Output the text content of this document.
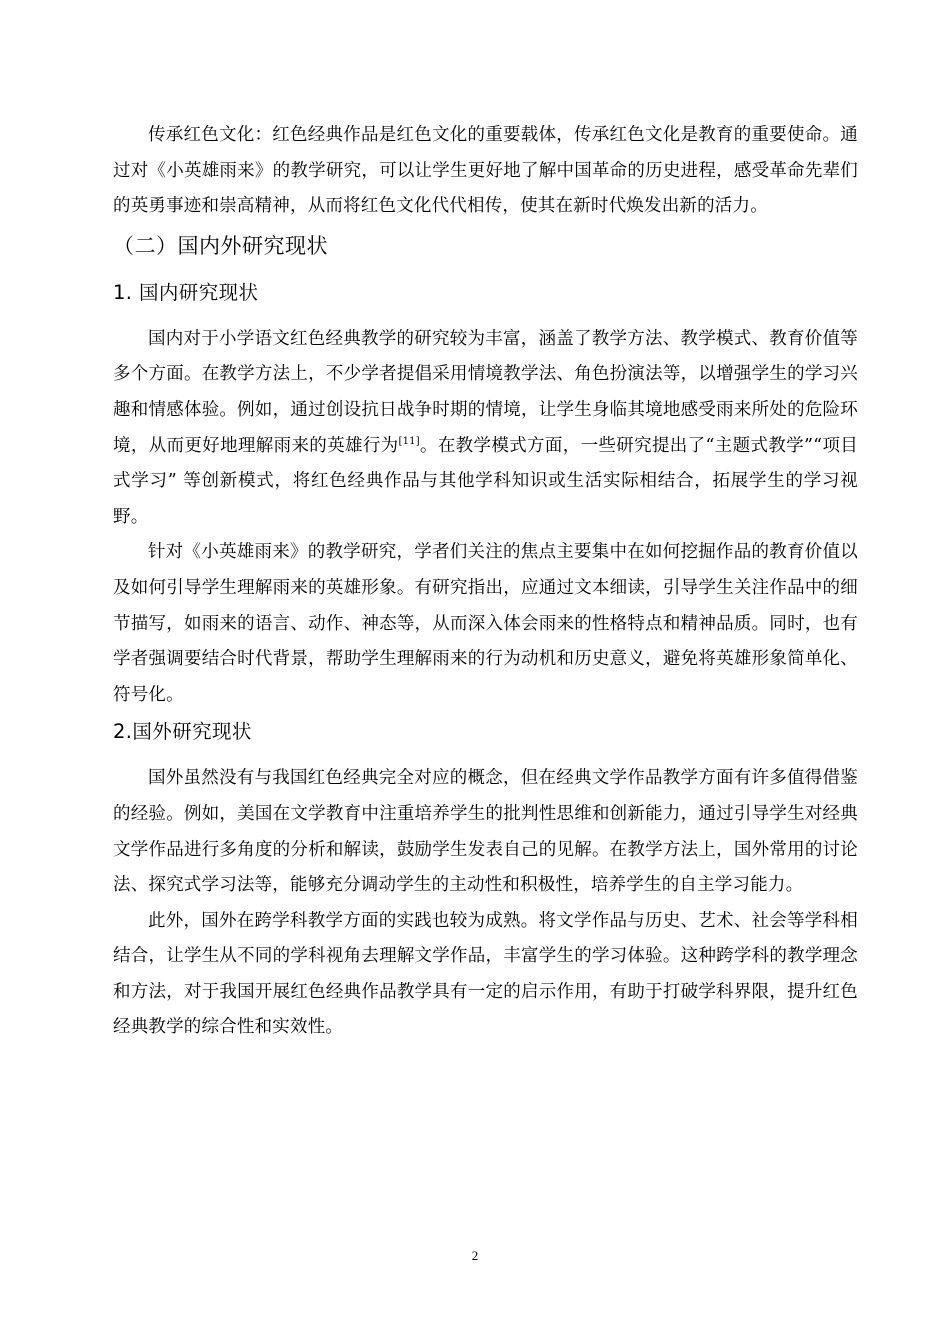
传承红色文化：红色经典作品是红色文化的重要载体，传承红色文化是教育的重要使命。通过对《小英雄雨来》的教学研究，可以让学生更好地了解中国革命的历史进程，感受革命先辈们的英勇事迹和崇高精神，从而将红色文化代代相传，使其在新时代焕发出新的活力。

（二）国内外研究现状
1. 国内研究现状

国内对于小学语文红色经典教学的研究较为丰富，涵盖了教学方法、教学模式、教育价值等多个方面。在教学方法上，不少学者提倡采用情境教学法、角色扮演法等，以增强学生的学习兴趣和情感体验。例如，通过创设抗日战争时期的情境，让学生身临其境地感受雨来所处的危险环境，从而更好地理解雨来的英雄行为[11]。在教学模式方面，一些研究提出了“主题式教学”“项目式学习” 等创新模式，将红色经典作品与其他学科知识或生活实际相结合，拓展学生的学习视野。

针对《小英雄雨来》的教学研究，学者们关注的焦点主要集中在如何挖掘作品的教育价值以及如何引导学生理解雨来的英雄形象。有研究指出，应通过文本细读，引导学生关注作品中的细节描写，如雨来的语言、动作、神态等，从而深入体会雨来的性格特点和精神品质。同时，也有学者强调要结合时代背景，帮助学生理解雨来的行为动机和历史意义，避免将英雄形象简单化、符号化。

2.国外研究现状

国外虽然没有与我国红色经典完全对应的概念，但在经典文学作品教学方面有许多值得借鉴的经验。例如，美国在文学教育中注重培养学生的批判性思维和创新能力，通过引导学生对经典文学作品进行多角度的分析和解读，鼓励学生发表自己的见解。在教学方法上，国外常用的讨论法、探究式学习法等，能够充分调动学生的主动性和积极性，培养学生的自主学习能力。

此外，国外在跨学科教学方面的实践也较为成熟。将文学作品与历史、艺术、社会等学科相结合，让学生从不同的学科视角去理解文学作品，丰富学生的学习体验。这种跨学科的教学理念和方法，对于我国开展红色经典作品教学具有一定的启示作用，有助于打破学科界限，提升红色经典教学的综合性和实效性。

2
